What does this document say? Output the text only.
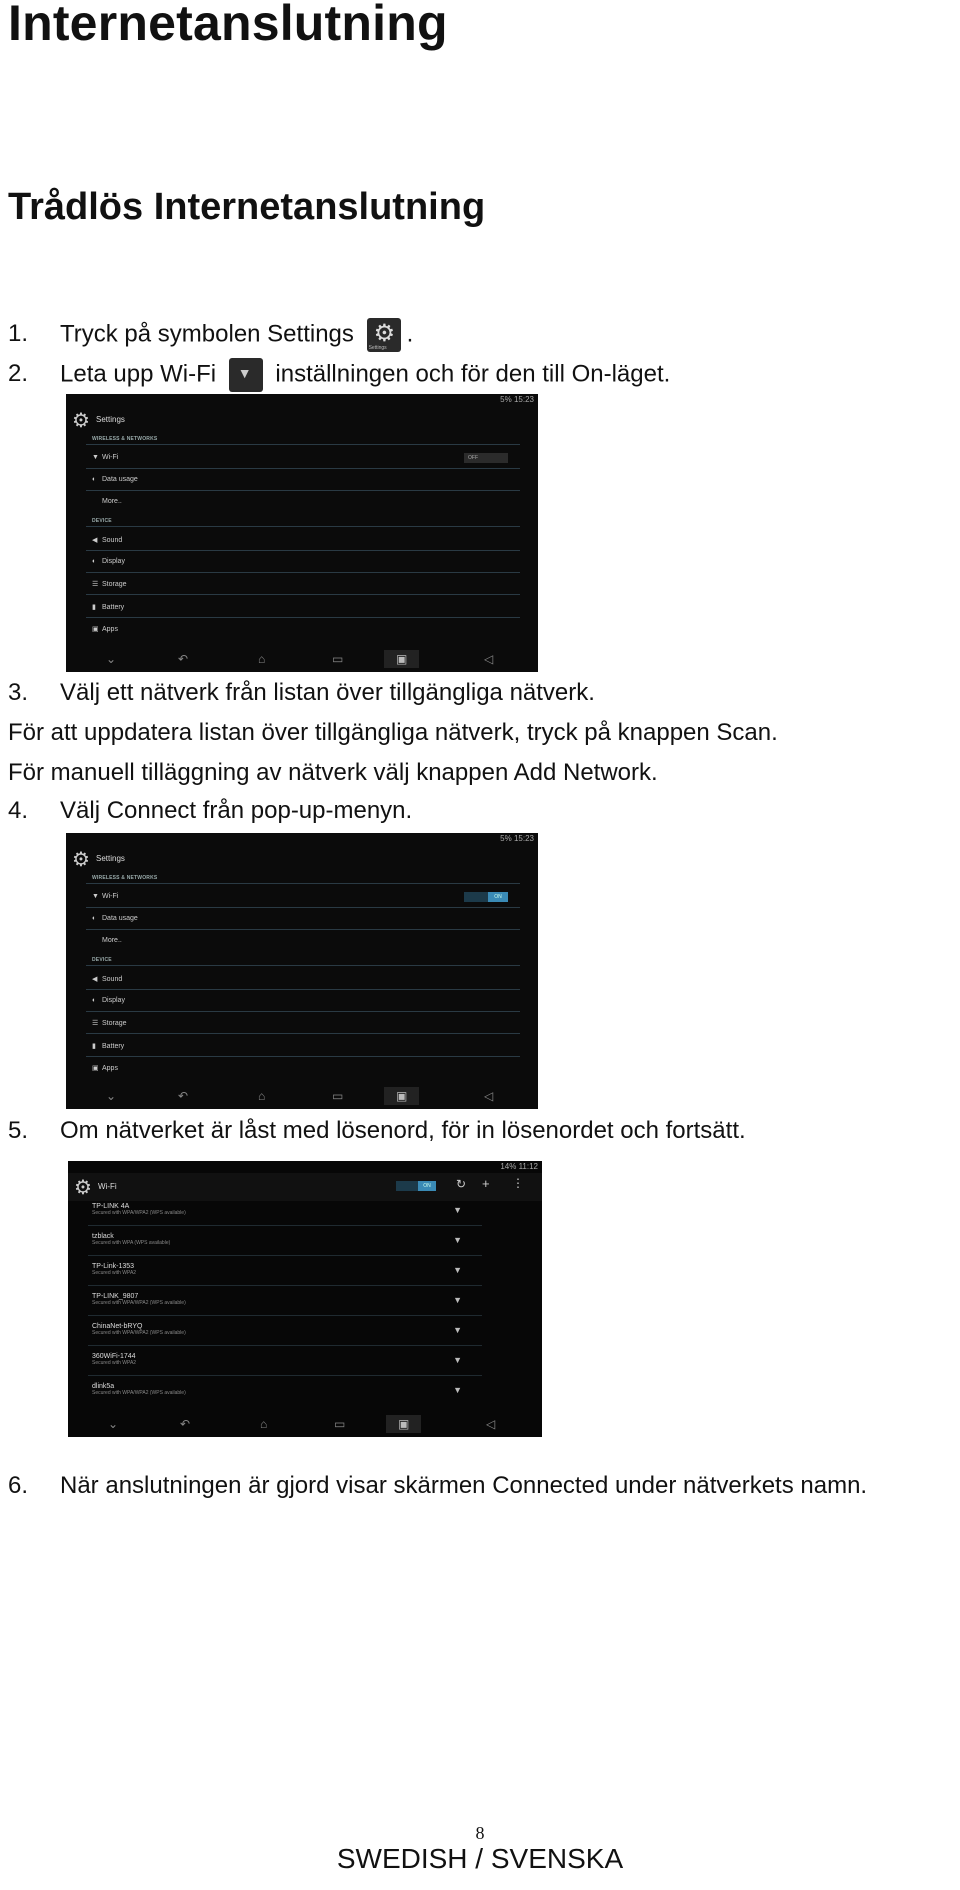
Internetanslutning
Trådlös Internetanslutning
1. Tryck på symbolen Settings
Settings
⚙.
2. Leta upp Wi-Fi ▼ inställningen och för den till On-läget.
5% 15:23
⚙ Settings
WIRELESS & NETWORKS
▼ Wi-Fi	OFF
◐ Data usage
More..
DEVICE
◀ Sound
◐ Display
☰ Storage
▮ Battery
▣ Apps
⌄	↶	⌂	▭	▣	◁
3. Välj ett nätverk från listan över tillgängliga nätverk.
För att uppdatera listan över tillgängliga nätverk, tryck på knappen Scan.
För manuell tilläggning av nätverk välj knappen Add Network.
4. Välj Connect från pop-up-menyn.
5% 15:23
⚙ Settings
WIRELESS & NETWORKS
▼ Wi-Fi	ON
◐ Data usage
More..
DEVICE
◀ Sound
◐ Display
☰ Storage
▮ Battery
▣ Apps
⌄	↶	⌂	▭	▣	◁
5. Om nätverket är låst med lösenord, för in lösenordet och fortsätt.
14% 11:12
⚙ Wi-Fi	ON	↻ + ⋮
TP-LINK 4A
Secured with WPA/WPA2 (WPS available)	▼
tzblack
Secured with WPA (WPS available)	▼
TP-Link-1353
Secured with WPA2	▼
TP-LINK_9807
Secured with WPA/WPA2 (WPS available)	▼
ChinaNet-bRYQ
Secured with WPA/WPA2 (WPS available)	▼
360WiFi-1744
Secured with WPA2	▼
dlink5a
Secured with WPA/WPA2 (WPS available)	▼
⌄	↶	⌂	▭	▣	◁
6. När anslutningen är gjord visar skärmen Connected under nätverkets namn.
8
SWEDISH / SVENSKA
